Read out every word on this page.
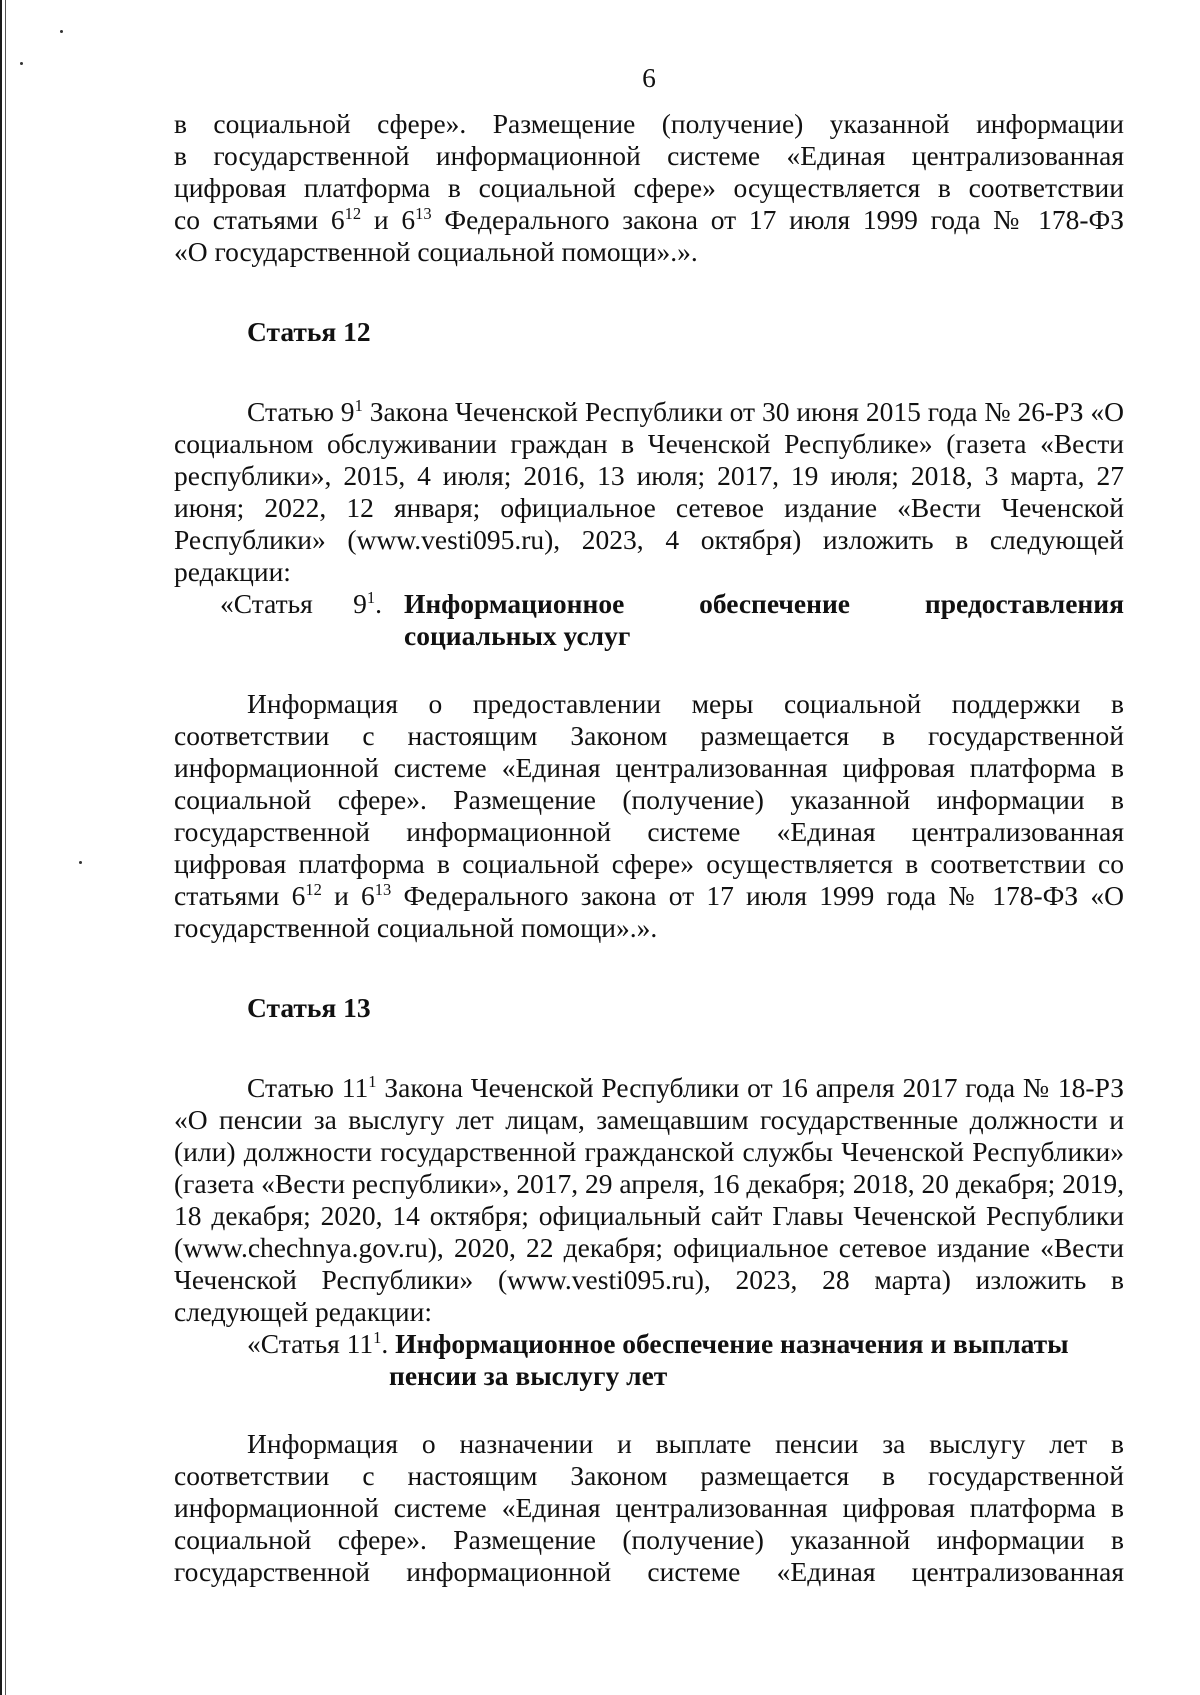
6

в социальной сфере». Размещение (получение) указанной информации

в государственной информационной системе «Единая централизованная

цифровая платформа в социальной сфере» осуществляется в соответствии

со статьями $6^{12}$ и $6^{13}$ Федерального закона от 17 июля 1999 года № 178-ФЗ

«О государственной социальной помощи».».

Статья 12

Статью $9^1$ Закона Чеченской Республики от 30 июня 2015 года № 26-РЗ «О социальном обслуживании граждан в Чеченской Республике» (газета «Вести республики», 2015, 4 июля; 2016, 13 июля; 2017, 19 июля; 2018, 3 марта, 27 июня; 2022, 12 января; официальное сетевое издание «Вести Чеченской Республики» (www.vesti095.ru), 2023, 4 октября) изложить в следующей редакции:

«Статья $9^1$. Информационное обеспечение предоставления
социальных услуг

Информация о предоставлении меры социальной поддержки в соответствии с настоящим Законом размещается в государственной информационной системе «Единая централизованная цифровая платформа в социальной сфере». Размещение (получение) указанной информации в государственной информационной системе «Единая централизованная цифровая платформа в социальной сфере» осуществляется в соответствии со статьями $6^{12}$ и $6^{13}$ Федерального закона от 17 июля 1999 года № 178-ФЗ «О государственной социальной помощи».».

Статья 13

Статью $11^1$ Закона Чеченской Республики от 16 апреля 2017 года № 18-РЗ «О пенсии за выслугу лет лицам, замещавшим государственные должности и (или) должности государственной гражданской службы Чеченской Республики» (газета «Вести республики», 2017, 29 апреля, 16 декабря; 2018, 20 декабря; 2019, 18 декабря; 2020, 14 октября; официальный сайт Главы Чеченской Республики (www.chechnya.gov.ru), 2020, 22 декабря; официальное сетевое издание «Вести Чеченской Республики» (www.vesti095.ru), 2023, 28 марта) изложить в следующей редакции:

«Статья $11^1$. Информационное обеспечение назначения и выплаты
пенсии за выслугу лет

Информация о назначении и выплате пенсии за выслугу лет в соответствии с настоящим Законом размещается в государственной информационной системе «Единая централизованная цифровая платформа в социальной сфере». Размещение (получение) указанной информации в государственной информационной системе «Единая централизованная
